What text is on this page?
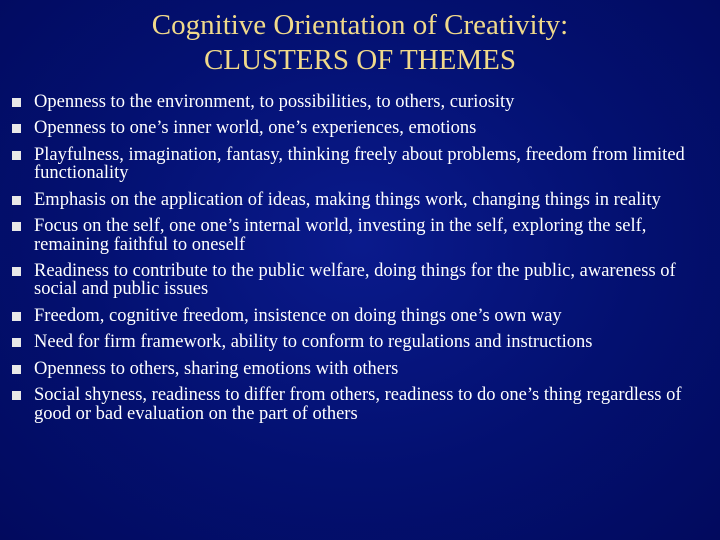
Cognitive Orientation of Creativity:
CLUSTERS OF THEMES
Openness to the environment, to possibilities, to others, curiosity
Openness to one’s inner world, one’s experiences, emotions
Playfulness, imagination, fantasy, thinking freely about problems, freedom from limited functionality
Emphasis on the application of ideas, making things work, changing things in reality
Focus on the self, one one’s internal world, investing in the self, exploring the self, remaining faithful to oneself
Readiness to contribute to the public welfare, doing things for the public, awareness of social and public issues
Freedom, cognitive freedom, insistence on doing things one’s own way
Need for firm framework, ability to conform to regulations and instructions
Openness to others, sharing emotions with others
Social shyness, readiness to differ from others, readiness to do one’s thing regardless of good or bad evaluation on the part of others
